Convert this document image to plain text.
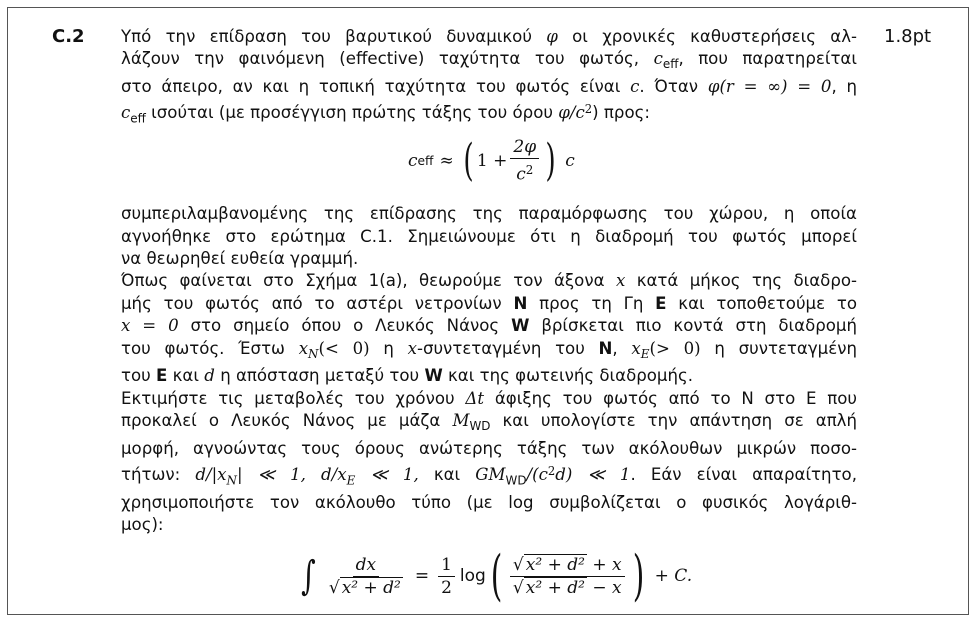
C.2	1.8pt

Υπό την επίδραση του βαρυτικού δυναμικού φ οι χρονικές καθυστερήσεις αλ-
λάζουν την φαινόμενη (effective) ταχύτητα του φωτός, $c_{eff}$, που παρατηρείται
στο άπειρο, αν και η τοπική ταχύτητα του φωτός είναι c. Όταν φ(r = ∞) = 0, η
$c_{eff}$ ισούται (με προσέγγιση πρώτης τάξης του όρου $\varphi/c^2$) προς:

συμπεριλαμβανομένης της επίδρασης της παραμόρφωσης του χώρου, η οποία
αγνοήθηκε στο ερώτημα C.1. Σημειώνουμε ότι η διαδρομή του φωτός μπορεί
να θεωρηθεί ευθεία γραμμή.

Όπως φαίνεται στο Σχήμα 1(a), θεωρούμε τον άξονα x κατά μήκος της διαδρο-
μής του φωτός από το αστέρι νετρονίων N προς τη Γη E και τοποθετούμε το
x = 0 στο σημείο όπου ο Λευκός Νάνος W βρίσκεται πιο κοντά στη διαδρομή
του φωτός. Έστω $x_N(< 0)$ η x-συντεταγμένη του N, $x_E(> 0)$ η συντεταγμένη
του E και d η απόσταση μεταξύ του W και της φωτεινής διαδρομής.

Εκτιμήστε τις μεταβολές του χρόνου Δt άφιξης του φωτός από το N στο E που
προκαλεί ο Λευκός Νάνος με μάζα $M_{WD}$ και υπολογίστε την απάντηση σε απλή
μορφή, αγνοώντας τους όρους ανώτερης τάξης των ακόλουθων μικρών ποσο-
τήτων: $d/|x_N|$ ≪ 1, $d/x_E$ ≪ 1, και $GM_{WD}/(c^2d)$ ≪ 1. Εάν είναι απαραίτητο,
χρησιμοποιήστε τον ακόλουθο τύπο (με log συμβολίζεται ο φυσικός λογάριθ-
μος):

c eff ≈ ( $1 + \frac{2\varphi}{c^2}$ ) c
∫ $\frac{dx}{\text{√ x² + d²}} = \frac{1}{2}$ log ( $\frac{\text{√ x² + d² + x}}{\text{√ x² + d² − x}}$ ) + C.
